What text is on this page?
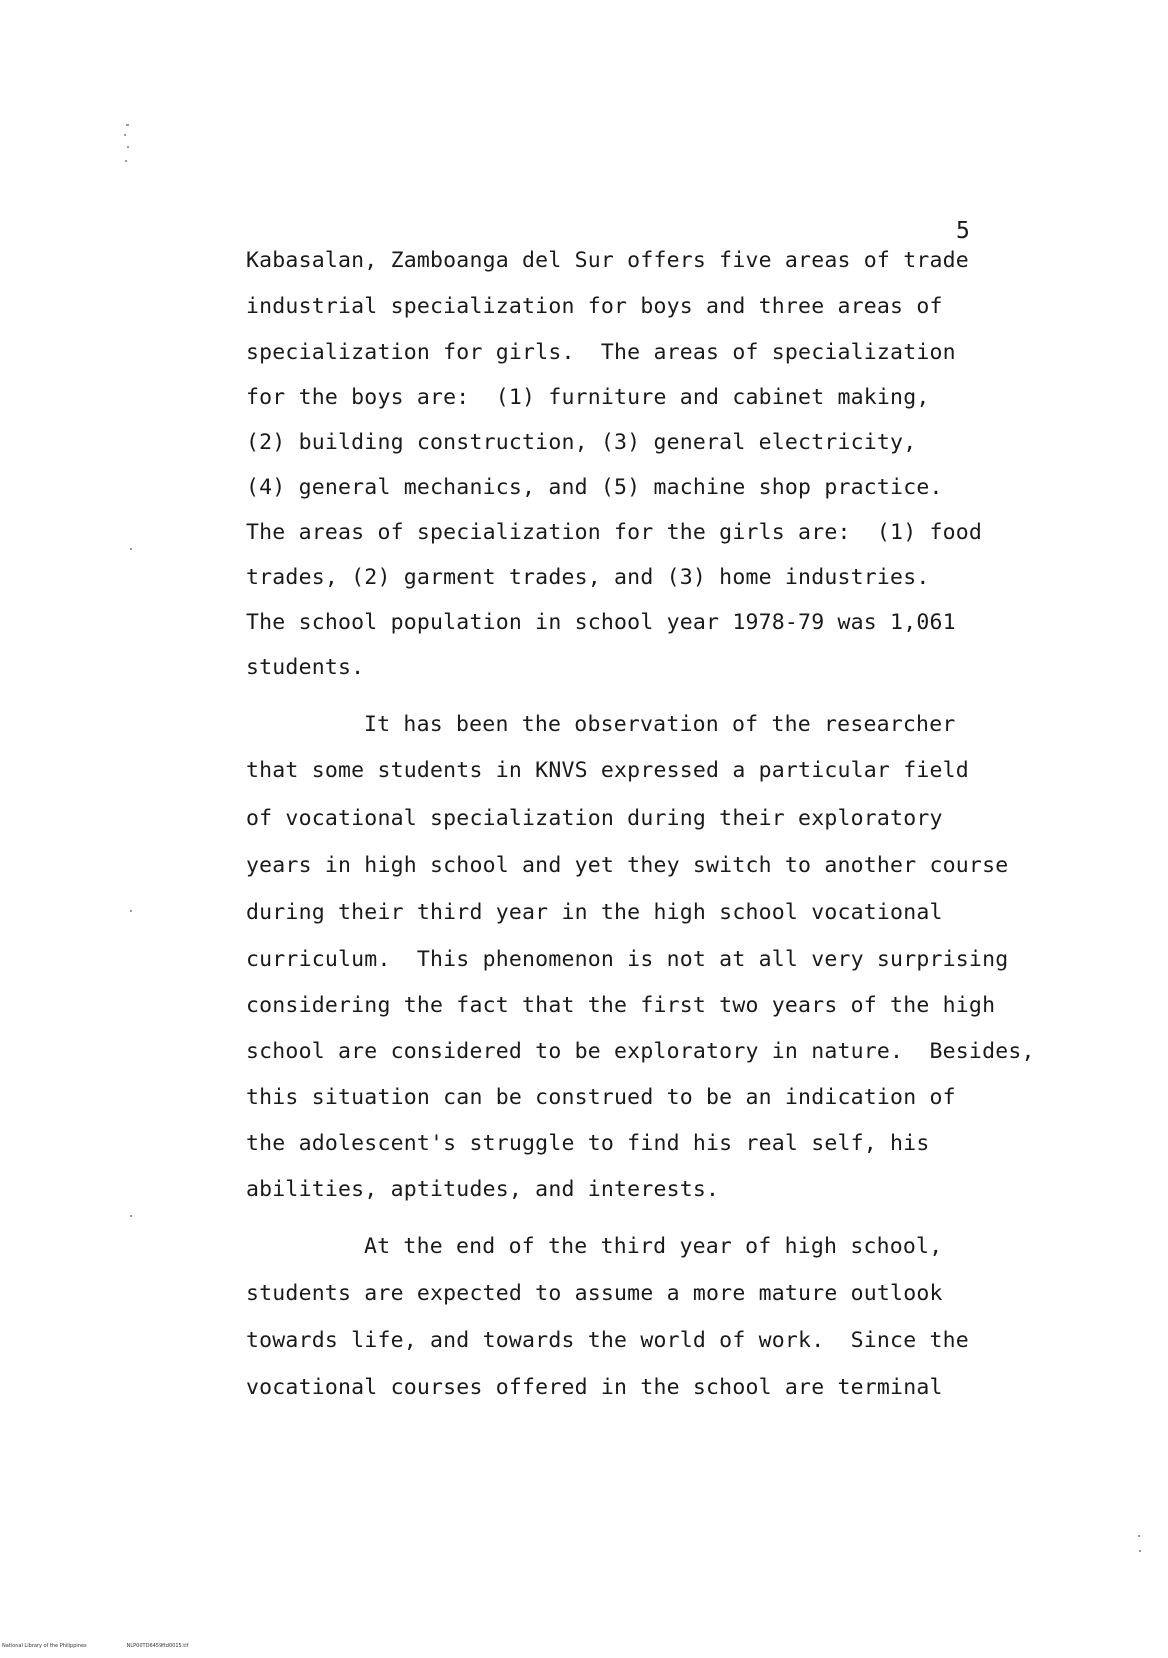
5
Kabasalan, Zamboanga del Sur offers five areas of trade
industrial specialization for boys and three areas of
specialization for girls.  The areas of specialization
for the boys are:  (1) furniture and cabinet making,
(2) building construction, (3) general electricity,
(4) general mechanics, and (5) machine shop practice.
The areas of specialization for the girls are:  (1) food
trades, (2) garment trades, and (3) home industries.
The school population in school year 1978-79 was 1,061
students.
It has been the observation of the researcher
that some students in KNVS expressed a particular field
of vocational specialization during their exploratory
years in high school and yet they switch to another course
during their third year in the high school vocational
curriculum.  This phenomenon is not at all very surprising
considering the fact that the first two years of the high
school are considered to be exploratory in nature.  Besides,
this situation can be construed to be an indication of
the adolescent's struggle to find his real self, his
abilities, aptitudes, and interests.
At the end of the third year of high school,
students are expected to assume a more mature outlook
towards life, and towards the world of work.  Since the
vocational courses offered in the school are terminal
National Library of the Philippines	NLP00TD6459ftd0015.tif
